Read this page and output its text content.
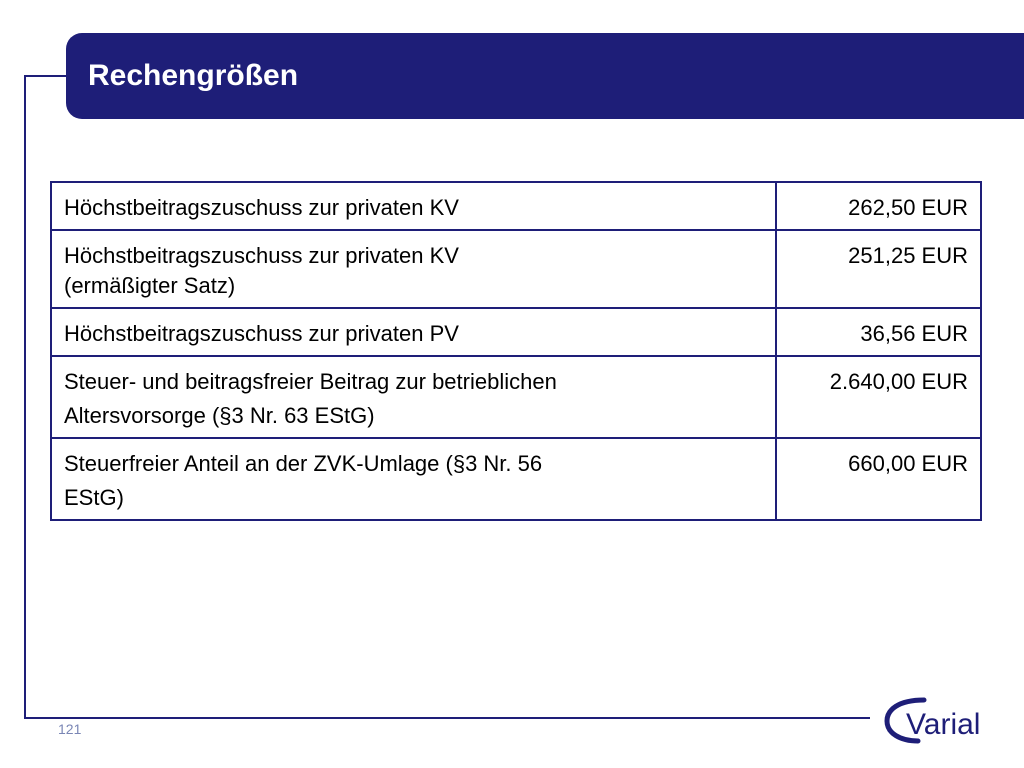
Rechengrößen
Höchstbeitragszuschuss zur privaten KV	262,50 EUR

Höchstbeitragszuschuss zur privaten KV
(ermäßigter Satz)	251,25 EUR
Höchstbeitragszuschuss zur privaten PV	36,56 EUR

Steuer- und beitragsfreier Beitrag zur betrieblichen
Altersvorsorge (§3 Nr. 63 EStG)	2.640,00 EUR

Steuerfreier Anteil an der ZVK-Umlage (§3 Nr. 56
EStG)	660,00 EUR
121	Varial
